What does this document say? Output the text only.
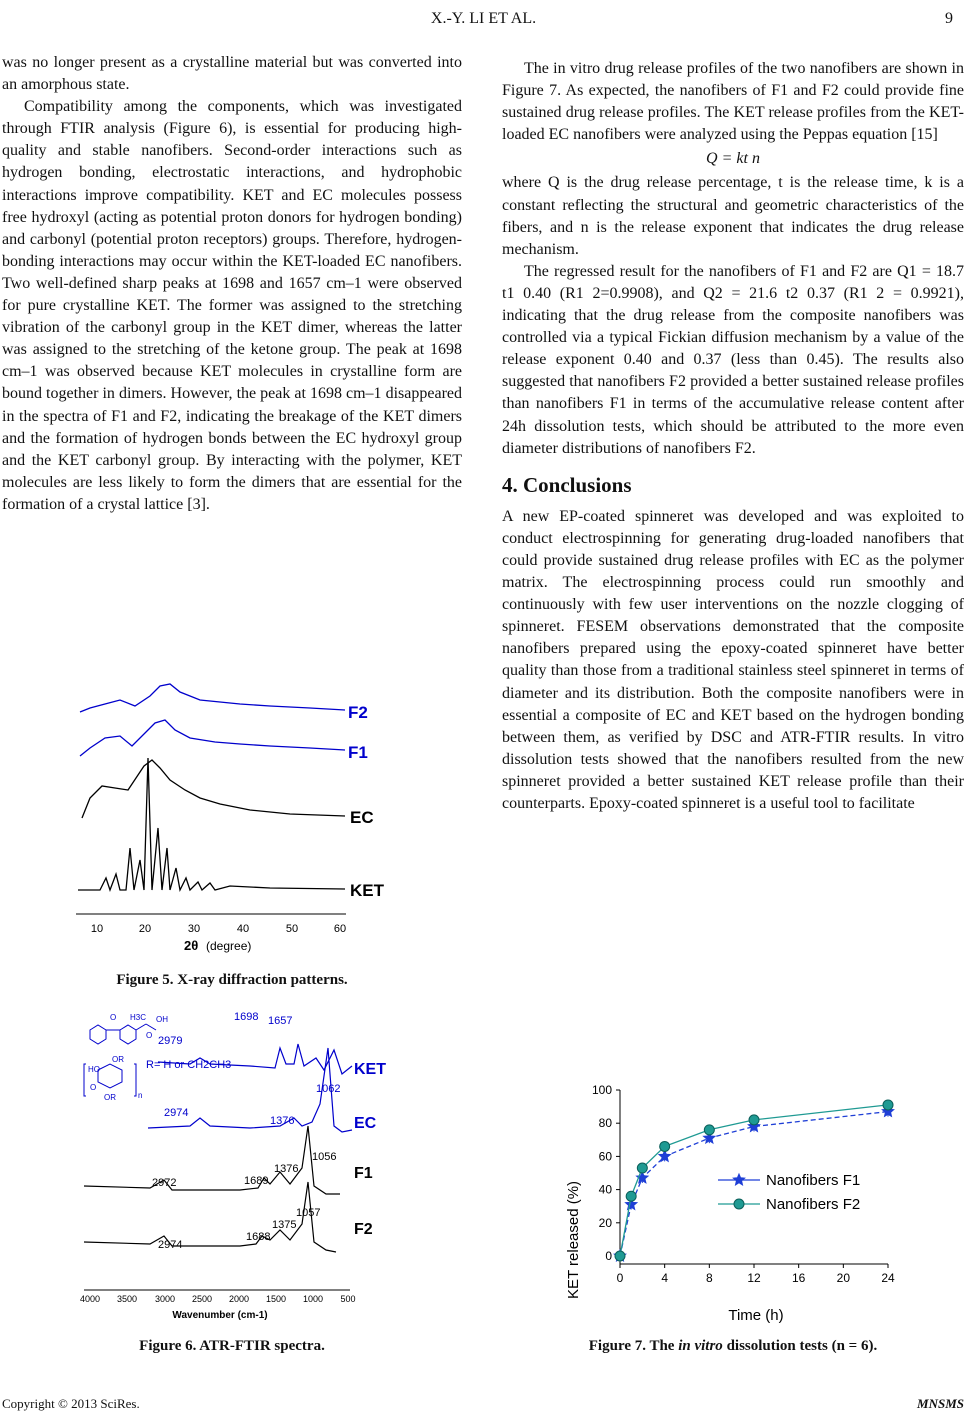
X.-Y. LI ET AL.	9

was no longer present as a crystalline material but was converted into an amorphous state.

Compatibility among the components, which was investigated through FTIR analysis (Figure 6), is essential for producing high-quality and stable nanofibers. Second-order interactions such as hydrogen bonding, electrostatic interactions, and hydrophobic interactions improve compatibility. KET and EC molecules possess free hydroxyl (acting as potential proton donors for hydrogen bonding) and carbonyl (potential proton receptors) groups. Therefore, hydrogen-bonding interactions may occur within the KET-loaded EC nanofibers. Two well-defined sharp peaks at 1698 and 1657 cm–1 were observed for pure crystalline KET. The former was assigned to the stretching vibration of the carbonyl group in the KET dimer, whereas the latter was assigned to the stretching of the ketone group. The peak at 1698 cm–1 was observed because KET molecules in crystalline form are bound together in dimers. However, the peak at 1698 cm–1 disappeared in the spectra of F1 and F2, indicating the breakage of the KET dimers and the formation of hydrogen bonds between the EC hydroxyl group and the KET carbonyl group. By interacting with the polymer, KET molecules are less likely to form the dimers that are essential for the formation of a crystal lattice [3].

F2
F1
EC
KET
10	20	30	40	50	60
2θ (degree)
Figure 5. X-ray diffraction patterns.
2979
1698 1657
2974
1376
1062
2972	1689
1376
1056
2974
1688
1375
1057
R= H or CH2CH3
O H3C
O
OH
HO
OR
O
OR	n
KET
EC
F1
F2
4000 3500 3000 2500 2000 1500 1000 500
Wavenumber (cm-1)
Figure 6. ATR-FTIR spectra.

The in vitro drug release profiles of the two nanofibers are shown in Figure 7. As expected, the nanofibers of F1 and F2 could provide fine sustained drug release profiles. The KET release profiles from the KET-loaded EC nanofibers were analyzed using the Peppas equation [15]

Q = kt n

where Q is the drug release percentage, t is the release time, k is a constant reflecting the structural and geometric characteristics of the fibers, and n is the release exponent that indicates the drug release mechanism.

The regressed result for the nanofibers of F1 and F2 are Q1 = 18.7 t1 0.40 (R1 2=0.9908), and Q2 = 21.6 t2 0.37 (R1 2 = 0.9921), indicating that the drug release from the composite nanofibers was controlled via a typical Fickian diffusion mechanism by a value of the release exponent 0.40 and 0.37 (less than 0.45). The results also suggested that nanofibers F2 provided a better sustained release profiles than nanofibers F1 in terms of the accumulative release content after 24h dissolution tests, which should be attributed to the more even diameter distributions of nanofibers F2.

4. Conclusions

A new EP-coated spinneret was developed and was exploited to conduct electrospinning for generating drug-loaded nanofibers that could provide sustained drug release profiles with EC as the polymer matrix. The electrospinning process could run smoothly and continuously with few user interventions on the nozzle clogging of spinneret. FESEM observations demonstrated that the composite nanofibers prepared using the epoxy-coated spinneret have better quality than those from a traditional stainless steel spinneret in terms of diameter and its distribution. Both the composite nanofibers were in essential a composite of EC and KET based on the hydrogen bonding between them, as verified by DSC and ATR-FTIR results. In vitro dissolution tests showed that the nanofibers resulted from the new spinneret provided a better sustained KET release profile than their counterparts. Epoxy-coated spinneret is a useful tool to facilitate

KET released (%)
Time (h)
0
20
40
60
80
100
0	4	8	12	16	20	24
Nanofibers F1
Nanofibers F2
Figure 7. The in vitro dissolution tests (n = 6).
Copyright © 2013 SciRes.	MNSMS
